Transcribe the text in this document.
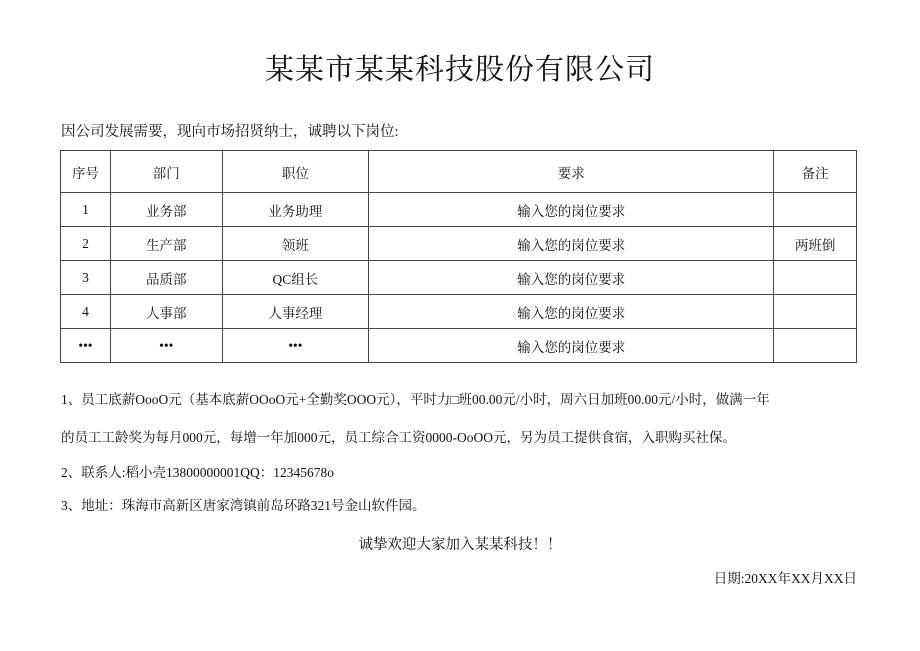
某某市某某科技股份有限公司
因公司发展需要，现向市场招贤纳士，诚聘以下岗位:
序号	部门	职位	要求	备注
1	业务部	业务助理	输入您的岗位要求	
2	生产部	领班	输入您的岗位要求	两班倒
3	品质部	QC组长	输入您的岗位要求	
4	人事部	人事经理	输入您的岗位要求	
•••	•••	•••	输入您的岗位要求	

1、员工底薪OooO元（基本底薪OOoO元+全勤奖OOO元），平时力□班00.00元/小时，周六日加班00.00元/小时，做满一年

的员工工龄奖为每月000元，每增一年加000元，员工综合工资0000-OoOO元，另为员工提供食宿，入职购买社保。

2、联系人:稻小壳13800000001QQ：12345678o

3、地址：珠海市高新区唐家湾镇前岛环路321号金山软件园。

诚挚欢迎大家加入某某科技！！
日期:20XX年XX月XX日
